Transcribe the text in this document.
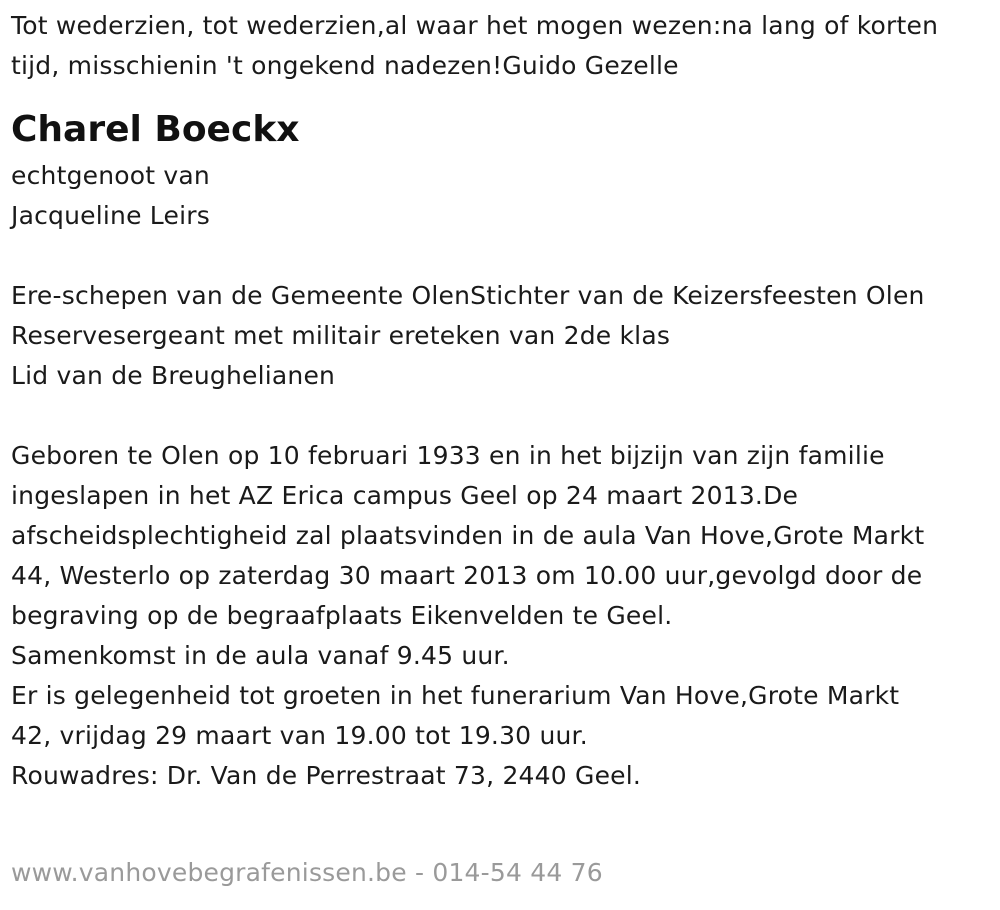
Tot wederzien, tot wederzien,al waar het mogen wezen:na lang of korten
tijd, misschienin 't ongekend nadezen!Guido Gezelle
Charel Boeckx
echtgenoot van
Jacqueline Leirs
Ere-schepen van de Gemeente OlenStichter van de Keizersfeesten Olen
Reservesergeant met militair ereteken van 2de klas
Lid van de Breughelianen
Geboren te Olen op 10 februari 1933 en in het bijzijn van zijn familie
ingeslapen in het AZ Erica campus Geel op 24 maart 2013.De
afscheidsplechtigheid zal plaatsvinden in de aula Van Hove,Grote Markt
44, Westerlo op zaterdag 30 maart 2013 om 10.00 uur,gevolgd door de
begraving op de begraafplaats Eikenvelden te Geel.
Samenkomst in de aula vanaf 9.45 uur.
Er is gelegenheid tot groeten in het funerarium Van Hove,Grote Markt
42, vrijdag 29 maart van 19.00 tot 19.30 uur.
Rouwadres: Dr. Van de Perrestraat 73, 2440 Geel.
www.vanhovebegrafenissen.be - 014-54 44 76
